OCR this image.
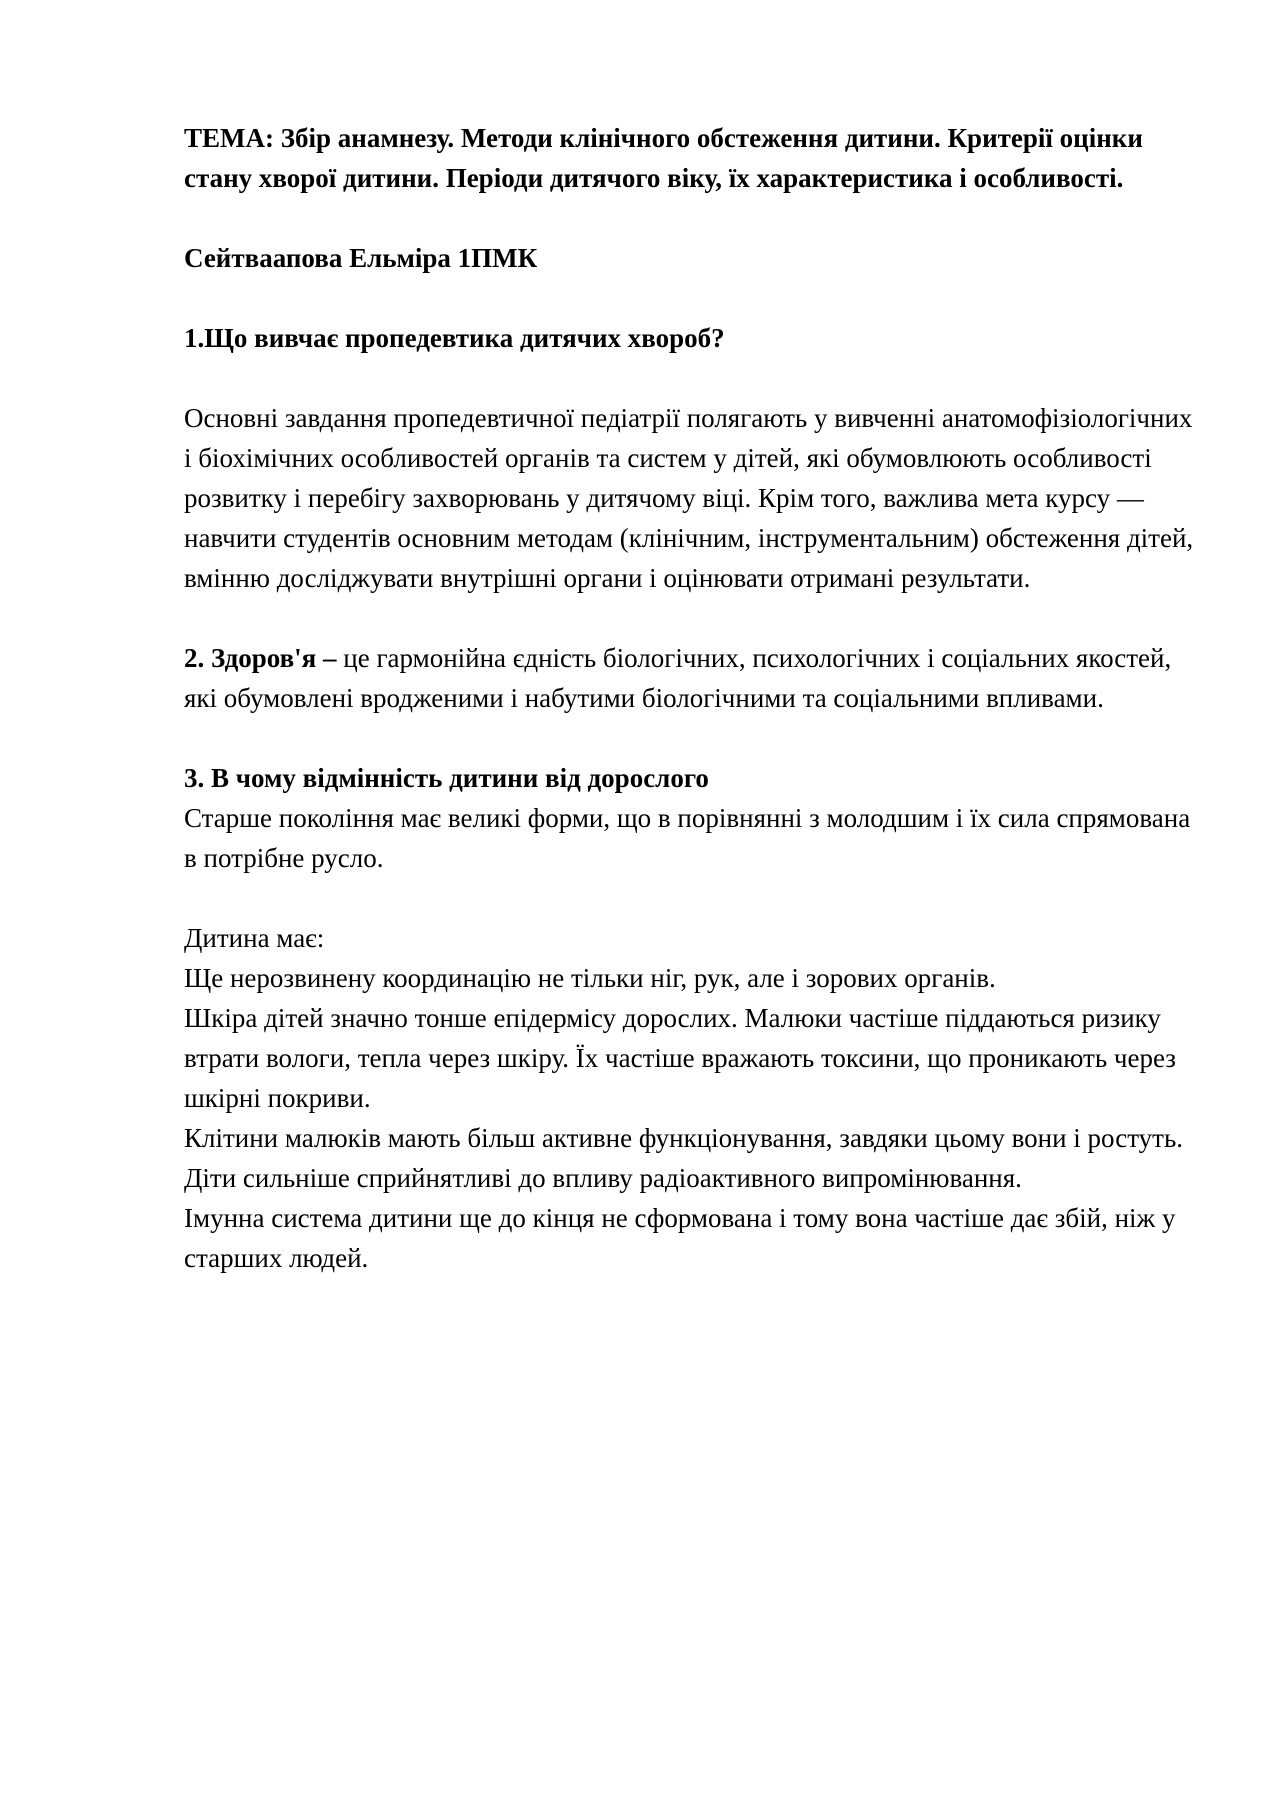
ТЕМА: Збір анамнезу. Методи клінічного обстеження дитини. Критерії оцінки стану хворої дитини. Періоди дитячого віку, їх характеристика і особливості.

Сейтваапова Ельміра 1ПМК

1.Що вивчає пропедевтика дитячих хвороб?

Основні завдання пропедевтичної педіатрії полягають у вивченні анатомофізіологічних і біохімічних особливостей органів та систем у дітей, які обумовлюють особливості розвитку і перебігу захворювань у дитячому віці. Крім того, важлива мета курсу — навчити студентів основним методам (клінічним, інструментальним) обстеження дітей, вмінню досліджувати внутрішні органи і оцінювати отримані результати.

2. Здоров'я – це гармонійна єдність біологічних, психологічних і соціальних якостей, які обумовлені вродженими і набутими біологічними та соціальними впливами.

3. В чому відмінність дитини від дорослого

Старше покоління має великі форми, що в порівнянні з молодшим і їх сила спрямована в потрібне русло.

Дитина має:

Ще нерозвинену координацію не тільки ніг, рук, але і зорових органів.

Шкіра дітей значно тонше епідермісу дорослих. Малюки частіше піддаються ризику втрати вологи, тепла через шкіру. Їх частіше вражають токсини, що проникають через шкірні покриви.

Клітини малюків мають більш активне функціонування, завдяки цьому вони і ростуть. Діти сильніше сприйнятливі до впливу радіоактивного випромінювання.

Імунна система дитини ще до кінця не сформована і тому вона частіше дає збій, ніж у старших людей.
